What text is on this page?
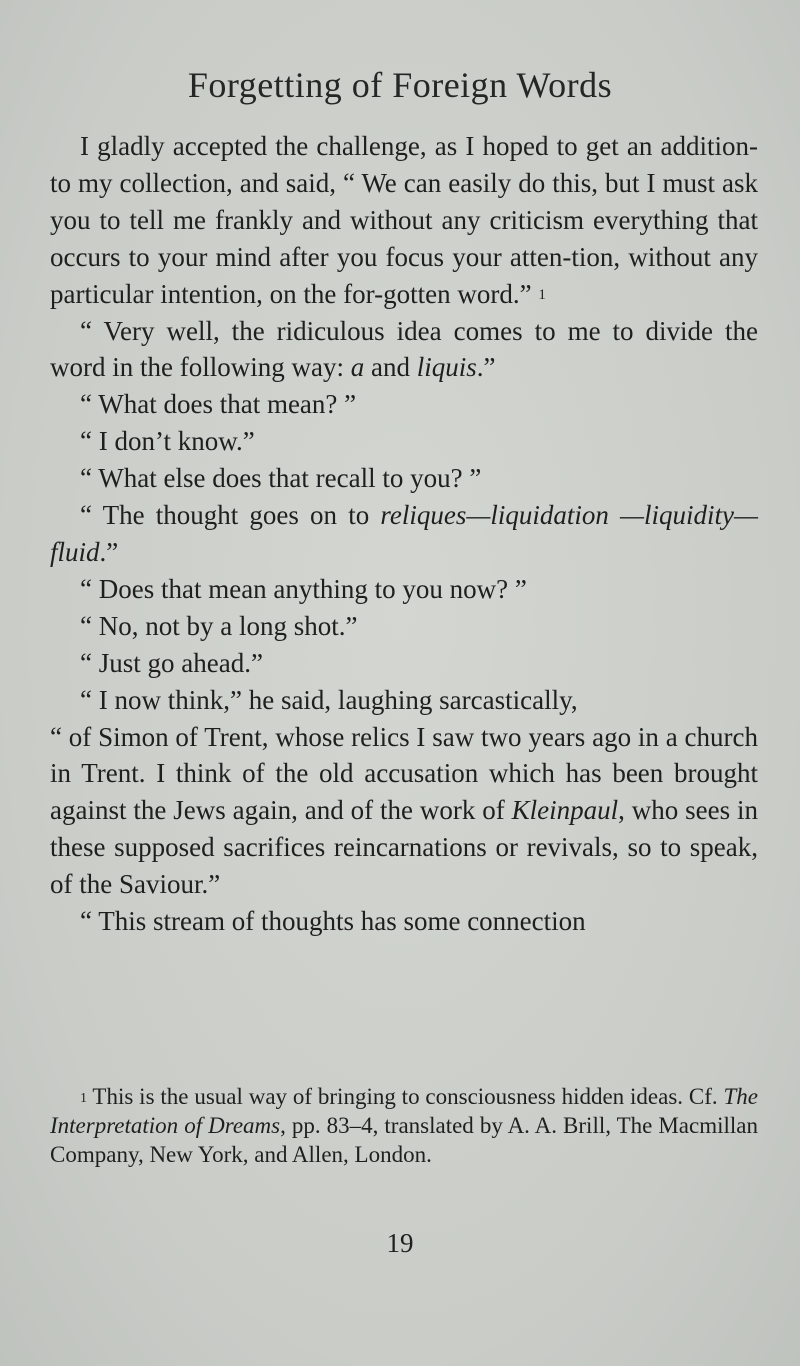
Forgetting of Foreign Words

I gladly accepted the challenge, as I hoped to get an addition-to my collection, and said, “ We can easily do this, but I must ask you to tell me frankly and without any criticism everything that occurs to your mind after you focus your atten-tion, without any particular intention, on the for-gotten word.” $^1$

“ Very well, the ridiculous idea comes to me to divide the word in the following way: a and liquis.”

“ What does that mean? ”

“ I don’t know.”

“ What else does that recall to you? ”

“ The thought goes on to reliques—liquidation —liquidity—fluid.”

“ Does that mean anything to you now? ”

“ No, not by a long shot.”

“ Just go ahead.”

“ I now think,” he said, laughing sarcastically,

“ of Simon of Trent, whose relics I saw two years ago in a church in Trent. I think of the old accusation which has been brought against the Jews again, and of the work of Kleinpaul, who sees in these supposed sacrifices reincarnations or revivals, so to speak, of the Saviour.”

“ This stream of thoughts has some connection

$^1$ This is the usual way of bringing to consciousness hidden ideas. Cf. The Interpretation of Dreams, pp. 83–4, translated by A. A. Brill, The Macmillan Company, New York, and Allen, London.

19
